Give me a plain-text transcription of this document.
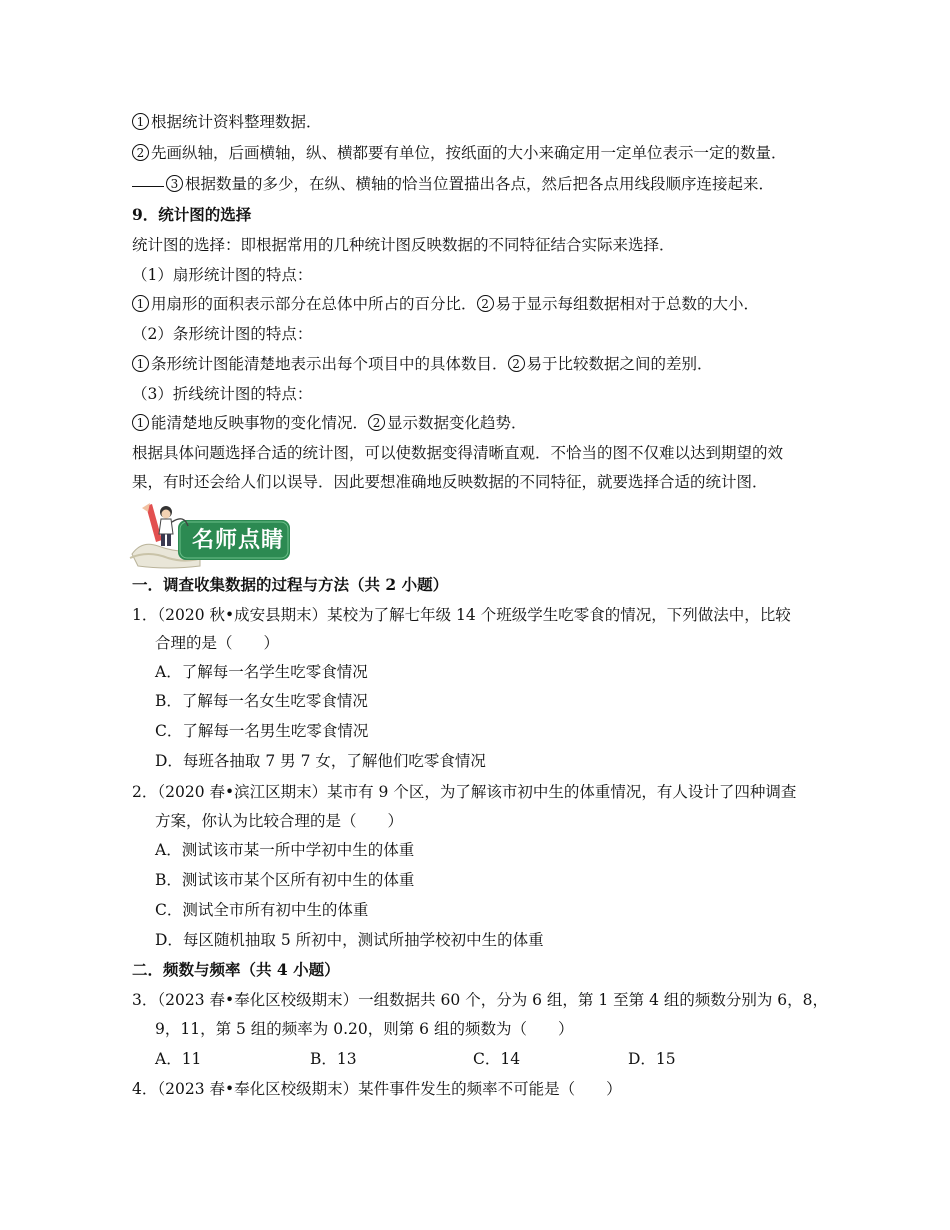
1 根据统计资料整理数据．
2 先画纵轴，后画横轴，纵、横都要有单位，按纸面的大小来确定用一定单位表示一定的数量．
3 根据数量的多少，在纵、横轴的恰当位置描出各点，然后把各点用线段顺序连接起来．
9．统计图的选择
统计图的选择：即根据常用的几种统计图反映数据的不同特征结合实际来选择．
（1）扇形统计图的特点：
1 用扇形的面积表示部分在总体中所占的百分比． 2 易于显示每组数据相对于总数的大小．
（2）条形统计图的特点：
1 条形统计图能清楚地表示出每个项目中的具体数目． 2 易于比较数据之间的差别．
（3）折线统计图的特点：
1 能清楚地反映事物的变化情况． 2 显示数据变化趋势．
根据具体问题选择合适的统计图，可以使数据变得清晰直观．不恰当的图不仅难以达到期望的效
果，有时还会给人们以误导．因此要想准确地反映数据的不同特征，就要选择合适的统计图．
名师点睛
一．调查收集数据的过程与方法（共 2 小题）
1．（2020 秋•成安县期末）某校为了解七年级 14 个班级学生吃零食的情况，下列做法中，比较
合理的是（　　）
A．了解每一名学生吃零食情况
B．了解每一名女生吃零食情况
C．了解每一名男生吃零食情况
D．每班各抽取 7 男 7 女，了解他们吃零食情况
2．（2020 春•滨江区期末）某市有 9 个区，为了解该市初中生的体重情况，有人设计了四种调查
方案，你认为比较合理的是（　　）
A．测试该市某一所中学初中生的体重
B．测试该市某个区所有初中生的体重
C．测试全市所有初中生的体重
D．每区随机抽取 5 所初中，测试所抽学校初中生的体重
二．频数与频率（共 4 小题）
3．（2023 春•奉化区校级期末）一组数据共 60 个，分为 6 组，第 1 至第 4 组的频数分别为 6，8，
9，11，第 5 组的频率为 0.20，则第 6 组的频数为（　　）
A．11	B．13	C．14	D．15
4．（2023 春•奉化区校级期末）某件事件发生的频率不可能是（　　）
